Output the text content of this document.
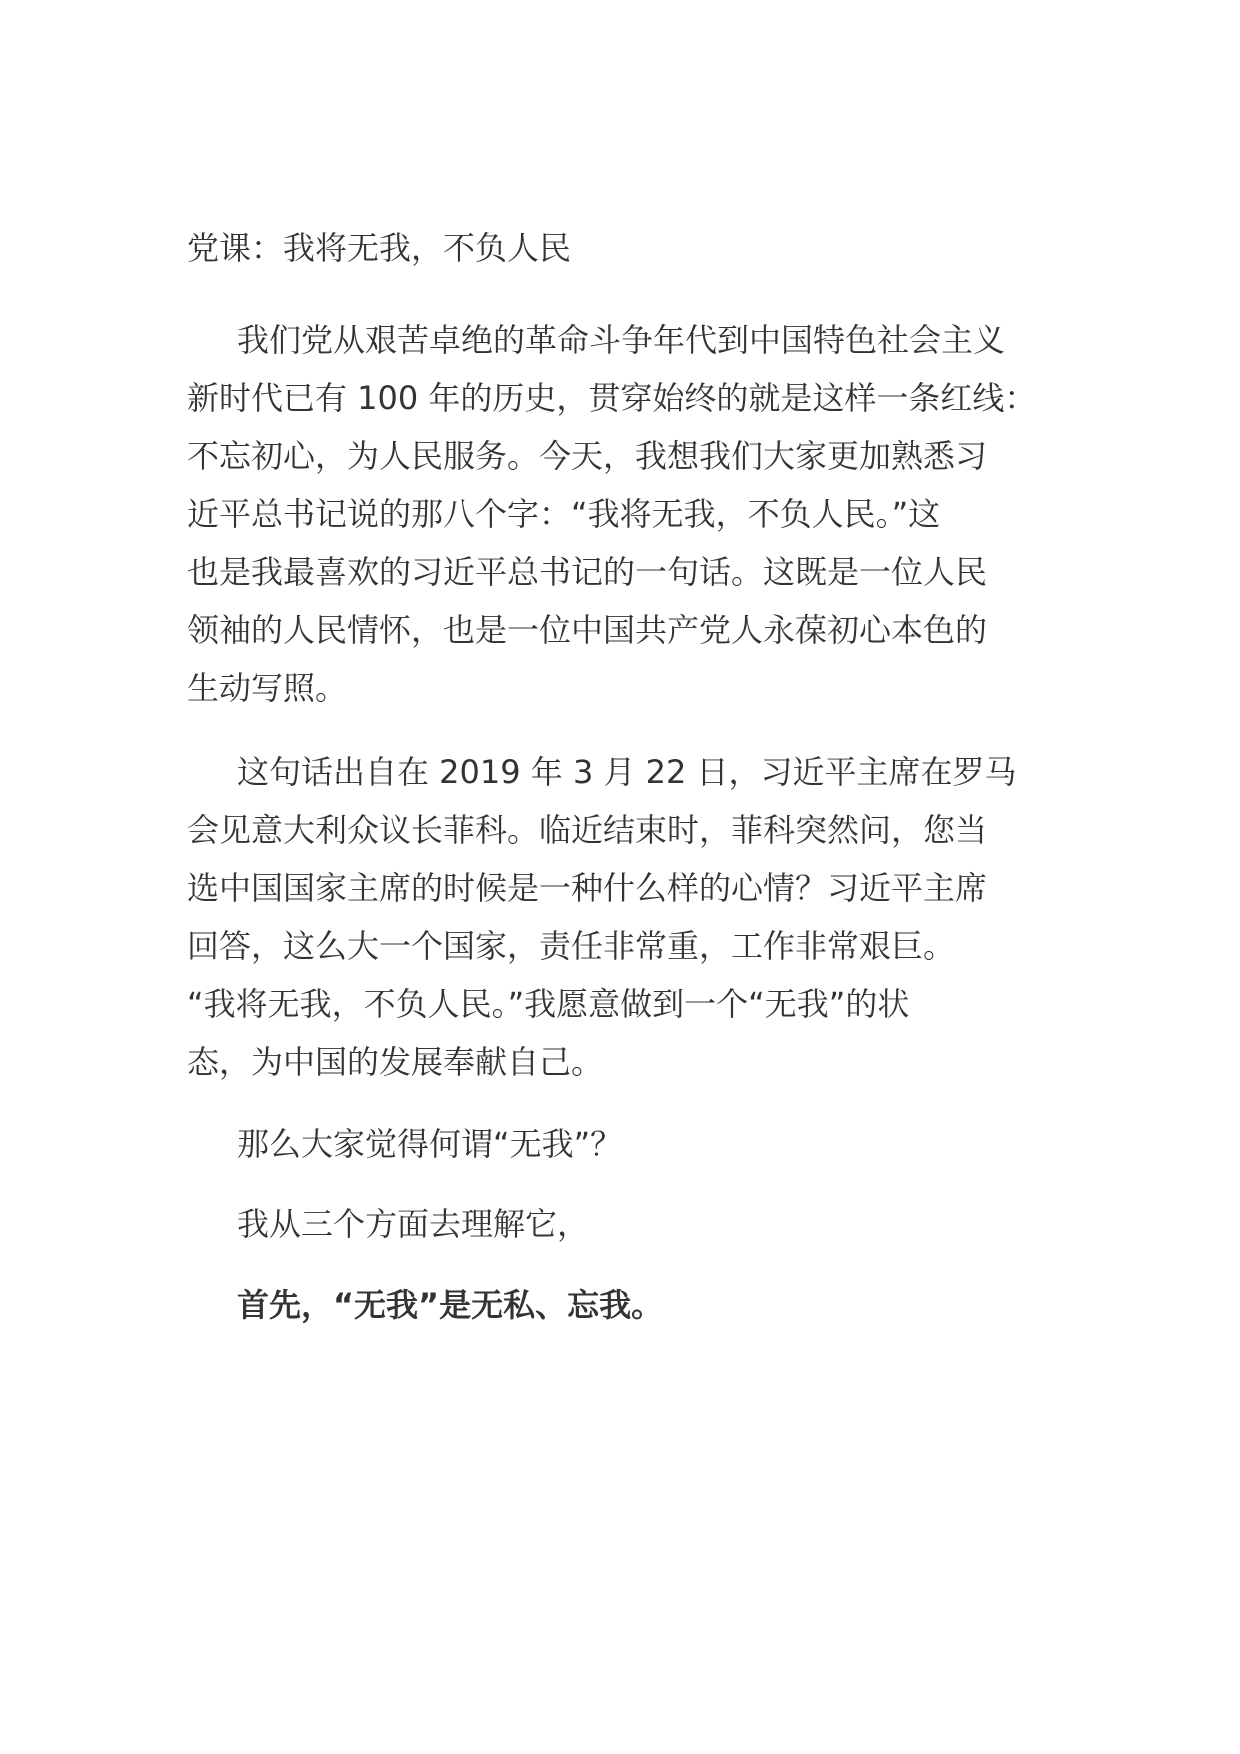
党课：我将无我，不负人民
我们党从艰苦卓绝的革命斗争年代到中国特色社会主义
新时代已有 100 年的历史，贯穿始终的就是这样一条红线：
不忘初心，为人民服务。今天，我想我们大家更加熟悉习
近平总书记说的那八个字：“我将无我，不负人民。”这
也是我最喜欢的习近平总书记的一句话。这既是一位人民
领袖的人民情怀，也是一位中国共产党人永葆初心本色的
生动写照。
这句话出自在 2019 年 3 月 22 日，习近平主席在罗马
会见意大利众议长菲科。临近结束时，菲科突然问，您当
选中国国家主席的时候是一种什么样的心情？习近平主席
回答，这么大一个国家，责任非常重，工作非常艰巨。
“我将无我，不负人民。”我愿意做到一个“无我”的状
态，为中国的发展奉献自己。
那么大家觉得何谓“无我”？
我从三个方面去理解它，
首先，“无我”是无私、忘我。
